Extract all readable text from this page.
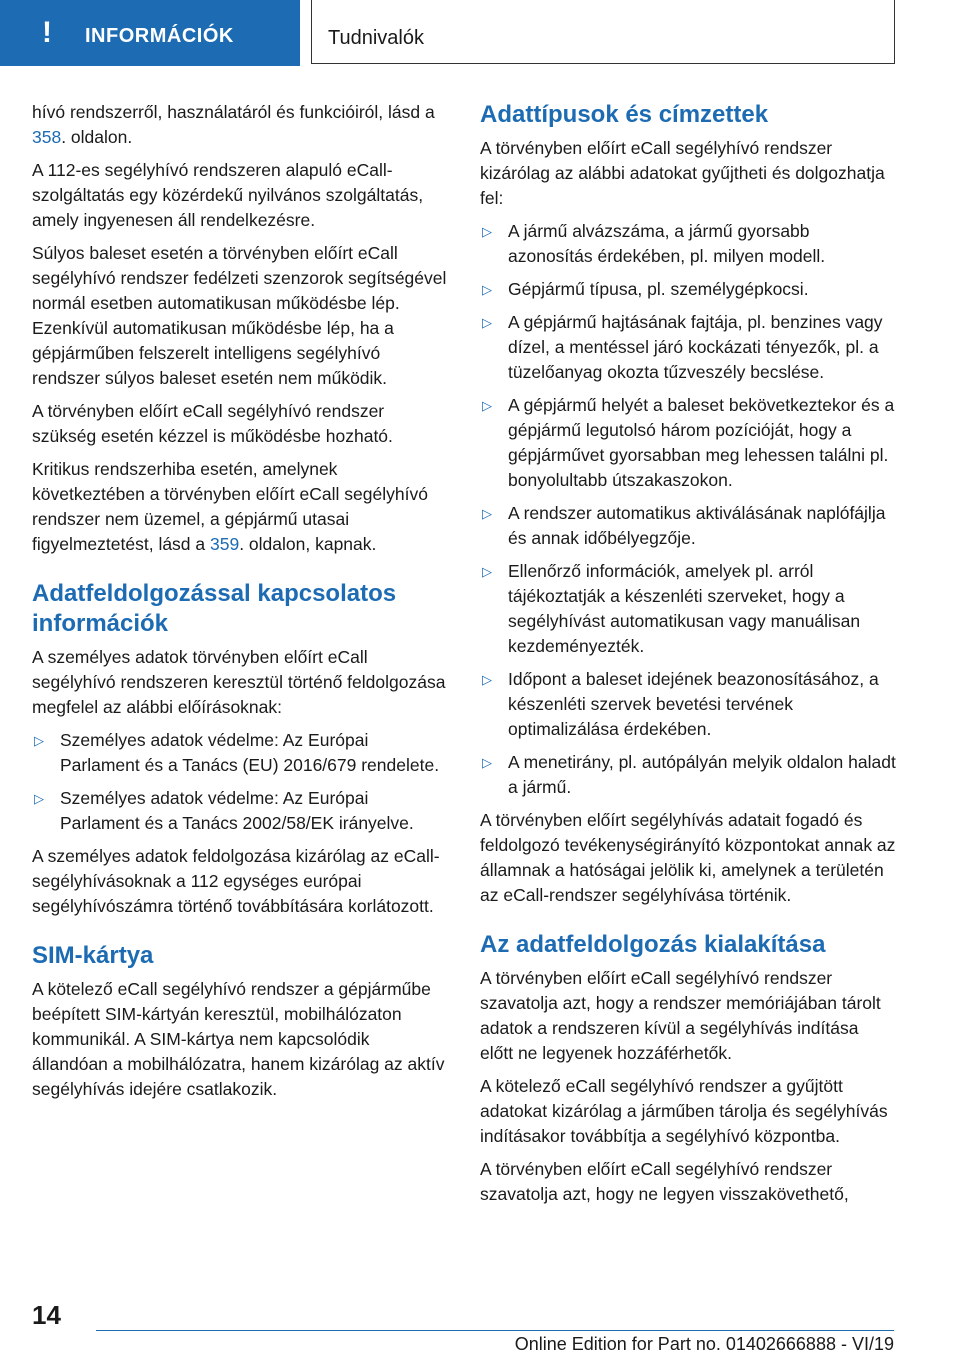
! INFORMÁCIÓK	Tudnivalók

hívó rendszerről, használatáról és funkcióiról, lásd a 358. oldalon.

A 112-es segélyhívó rendszeren alapuló eCall-szolgáltatás egy közérdekű nyilvános szolgáltatás, amely ingyenesen áll rendelkezésre.

Súlyos baleset esetén a törvényben előírt eCall segélyhívó rendszer fedélzeti szenzorok segítségével normál esetben automatikusan működésbe lép. Ezenkívül automatikusan működésbe lép, ha a gépjárműben felszerelt intelligens segélyhívó rendszer súlyos baleset esetén nem működik.

A törvényben előírt eCall segélyhívó rendszer szükség esetén kézzel is működésbe hozható.

Kritikus rendszerhiba esetén, amelynek következtében a törvényben előírt eCall segélyhívó rendszer nem üzemel, a gépjármű utasai figyelmeztetést, lásd a 359. oldalon, kapnak.

Adatfeldolgozással kapcsolatos információk

A személyes adatok törvényben előírt eCall segélyhívó rendszeren keresztül történő feldolgozása megfelel az alábbi előírásoknak:

▷ Személyes adatok védelme: Az Európai Parlament és a Tanács (EU) 2016/679 rendelete.
▷ Személyes adatok védelme: Az Európai Parlament és a Tanács 2002/58/EK irányelve.

A személyes adatok feldolgozása kizárólag az eCall-segélyhívásoknak a 112 egységes európai segélyhívószámra történő továbbítására korlátozott.

SIM-kártya

A kötelező eCall segélyhívó rendszer a gépjárműbe beépített SIM-kártyán keresztül, mobilhálózaton kommunikál. A SIM-kártya nem kapcsolódik állandóan a mobilhálózatra, hanem kizárólag az aktív segélyhívás idejére csatlakozik.

Adattípusok és címzettek

A törvényben előírt eCall segélyhívó rendszer kizárólag az alábbi adatokat gyűjtheti és dolgozhatja fel:

▷ A jármű alvázszáma, a jármű gyorsabb azonosítás érdekében, pl. milyen modell.
▷ Gépjármű típusa, pl. személygépkocsi.
▷ A gépjármű hajtásának fajtája, pl. benzines vagy dízel, a mentéssel járó kockázati tényezők, pl. a tüzelőanyag okozta tűzveszély becslése.
▷ A gépjármű helyét a baleset bekövetkeztekor és a gépjármű legutolsó három pozícióját, hogy a gépjárművet gyorsabban meg lehessen találni pl. bonyolultabb útszakaszokon.
▷ A rendszer automatikus aktiválásának naplófájlja és annak időbélyegzője.
▷ Ellenőrző információk, amelyek pl. arról tájékoztatják a készenléti szerveket, hogy a segélyhívást automatikusan vagy manuálisan kezdeményezték.
▷ Időpont a baleset idejének beazonosításához, a készenléti szervek bevetési tervének optimalizálása érdekében.
▷ A menetirány, pl. autópályán melyik oldalon haladt a jármű.

A törvényben előírt segélyhívás adatait fogadó és feldolgozó tevékenységirányító központokat annak az államnak a hatóságai jelölik ki, amelynek a területén az eCall-rendszer segélyhívása történik.

Az adatfeldolgozás kialakítása

A törvényben előírt eCall segélyhívó rendszer szavatolja azt, hogy a rendszer memóriájában tárolt adatok a rendszeren kívül a segélyhívás indítása előtt ne legyenek hozzáférhetők.

A kötelező eCall segélyhívó rendszer a gyűjtött adatokat kizárólag a járműben tárolja és segélyhívás indításakor továbbítja a segélyhívó központba.

A törvényben előírt eCall segélyhívó rendszer szavatolja azt, hogy ne legyen visszakövethető,

14
Online Edition for Part no. 01402666888 - VI/19
